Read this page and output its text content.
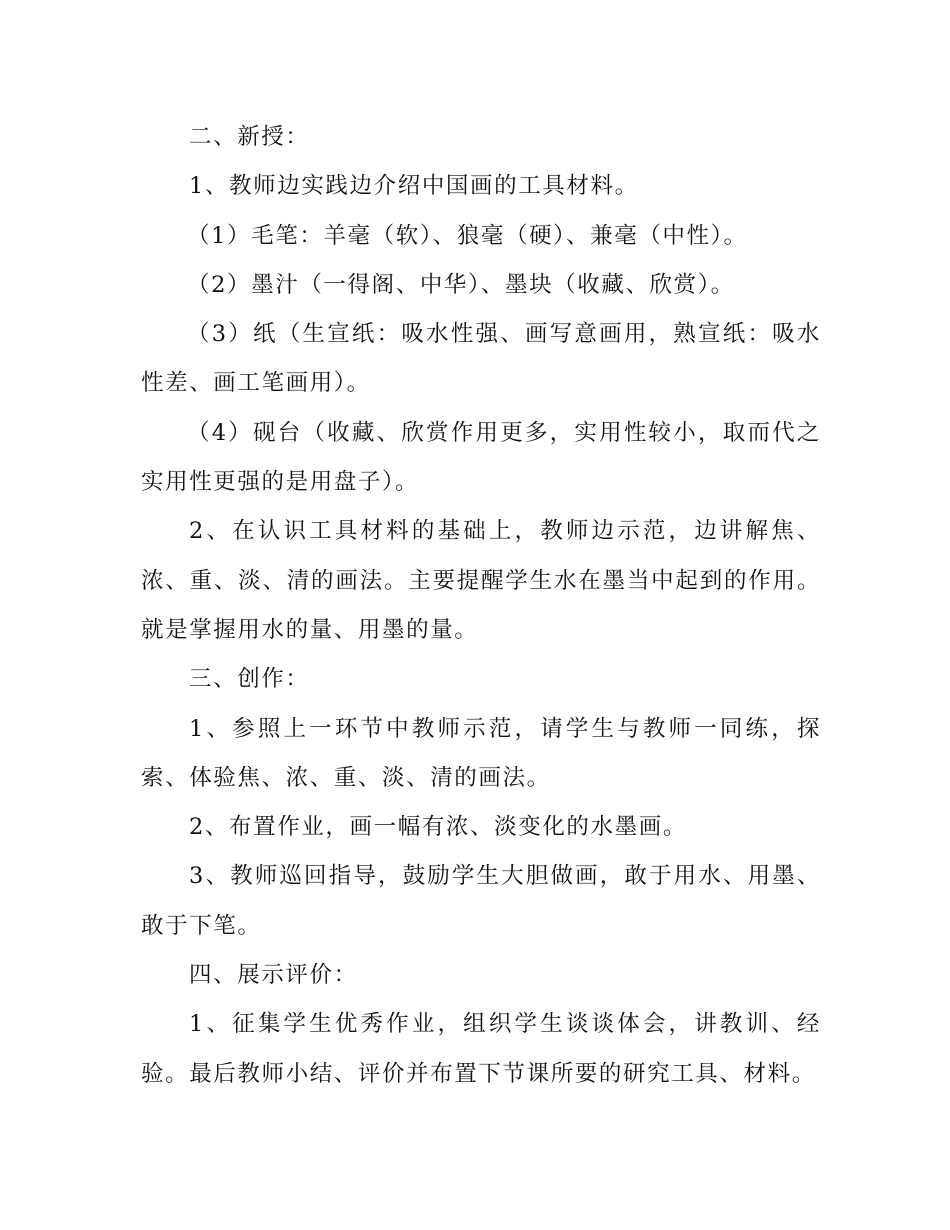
二、新授：

1、教师边实践边介绍中国画的工具材料。

（1）毛笔：羊毫（软）、狼毫（硬）、兼毫（中性）。

（2）墨汁（一得阁、中华）、墨块（收藏、欣赏）。

（3）纸（生宣纸：吸水性强、画写意画用，熟宣纸：吸水性差、画工笔画用）。

（4）砚台（收藏、欣赏作用更多，实用性较小，取而代之实用性更强的是用盘子）。

2、在认识工具材料的基础上，教师边示范，边讲解焦、浓、重、淡、清的画法。主要提醒学生水在墨当中起到的作用。就是掌握用水的量、用墨的量。

三、创作：

1、参照上一环节中教师示范，请学生与教师一同练，探索、体验焦、浓、重、淡、清的画法。

2、布置作业，画一幅有浓、淡变化的水墨画。

3、教师巡回指导，鼓励学生大胆做画，敢于用水、用墨、敢于下笔。

四、展示评价：

1、征集学生优秀作业，组织学生谈谈体会，讲教训、经验。最后教师小结、评价并布置下节课所要的研究工具、材料。
